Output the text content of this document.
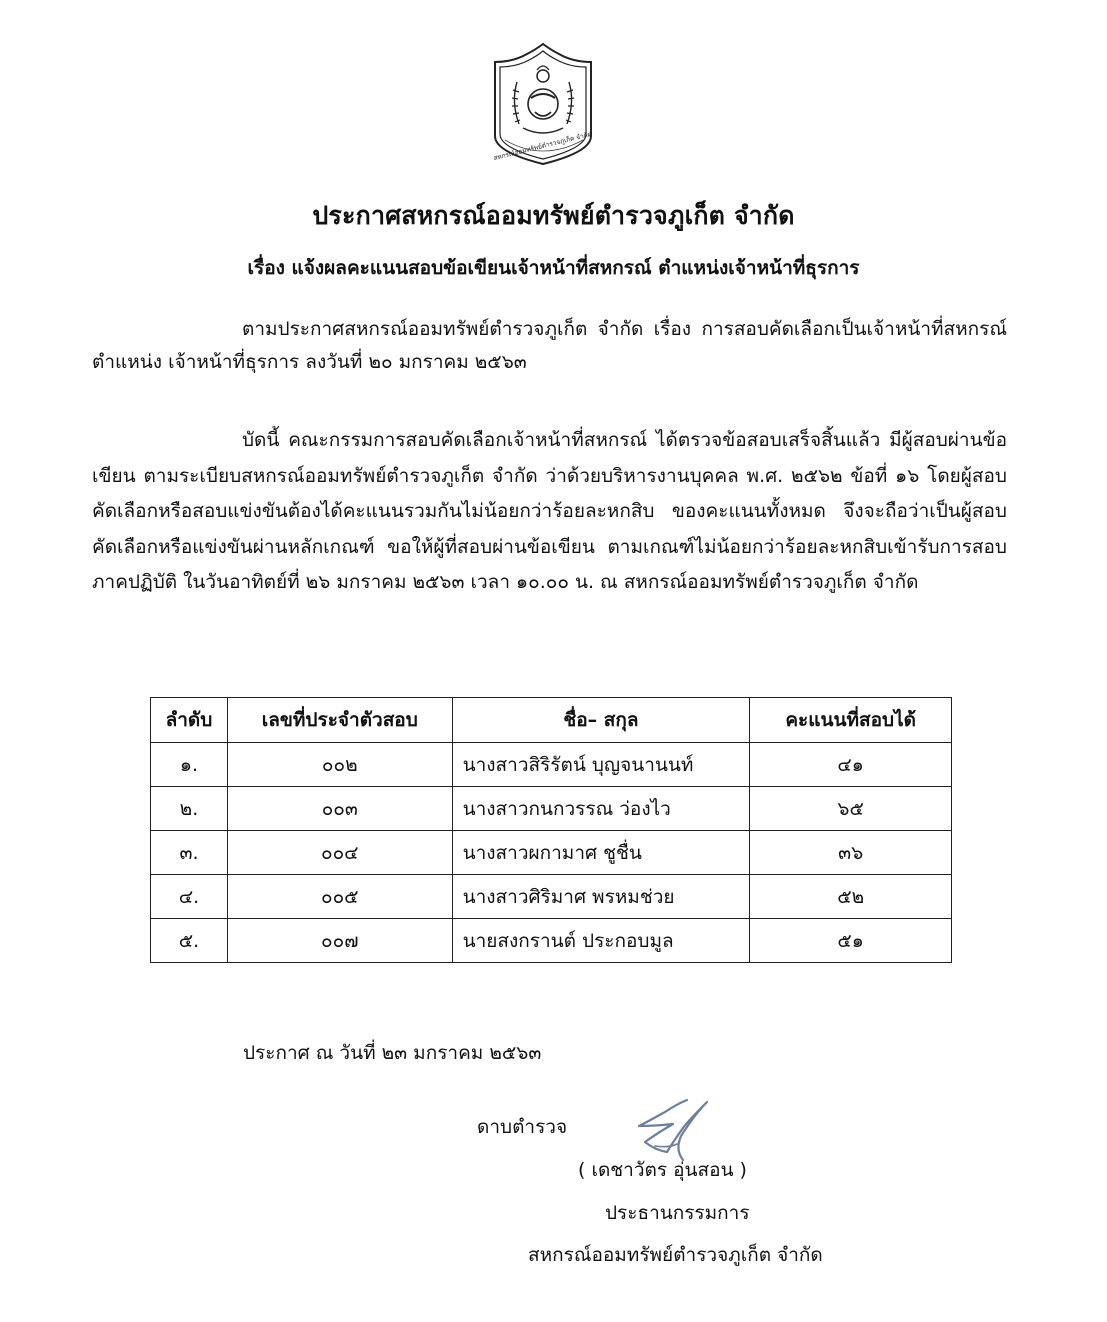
สหกรณ์ออมทรัพย์ตำรวจภูเก็ต จำกัด
ประกาศสหกรณ์ออมทรัพย์ตำรวจภูเก็ต จำกัด
เรื่อง แจ้งผลคะแนนสอบข้อเขียนเจ้าหน้าที่สหกรณ์ ตำแหน่งเจ้าหน้าที่ธุรการ

ตามประกาศสหกรณ์ออมทรัพย์ตำรวจภูเก็ต จำกัด เรื่อง การสอบคัดเลือกเป็นเจ้าหน้าที่สหกรณ์ ตำแหน่ง เจ้าหน้าที่ธุรการ ลงวันที่ ๒๐ มกราคม ๒๕๖๓

บัดนี้ คณะกรรมการสอบคัดเลือกเจ้าหน้าที่สหกรณ์ ได้ตรวจข้อสอบเสร็จสิ้นแล้ว มีผู้สอบผ่านข้อเขียน ตามระเบียบสหกรณ์ออมทรัพย์ตำรวจภูเก็ต จำกัด ว่าด้วยบริหารงานบุคคล พ.ศ. ๒๕๖๒ ข้อที่ ๑๖ โดยผู้สอบคัดเลือกหรือสอบแข่งขันต้องได้คะแนนรวมกันไม่น้อยกว่าร้อยละหกสิบ ของคะแนนทั้งหมด จึงจะถือว่าเป็นผู้สอบคัดเลือกหรือแข่งขันผ่านหลักเกณฑ์ ขอให้ผู้ที่สอบผ่านข้อเขียน ตามเกณฑ์ไม่น้อยกว่าร้อยละหกสิบเข้ารับการสอบภาคปฏิบัติ ในวันอาทิตย์ที่ ๒๖ มกราคม ๒๕๖๓ เวลา ๑๐.๐๐ น. ณ สหกรณ์ออมทรัพย์ตำรวจภูเก็ต จำกัด

ลำดับ	เลขที่ประจำตัวสอบ	ชื่อ– สกุล	คะแนนที่สอบได้
๑.	๐๐๒	นางสาวสิริรัตน์ บุญจนานนท์	๔๑
๒.	๐๐๓	นางสาวกนกวรรณ ว่องไว	๖๕
๓.	๐๐๔	นางสาวผกามาศ ชูชื่น	๓๖
๔.	๐๐๕	นางสาวศิริมาศ พรหมช่วย	๕๒
๕.	๐๐๗	นายสงกรานต์ ประกอบมูล	๕๑
ประกาศ ณ วันที่ ๒๓ มกราคม ๒๕๖๓
ดาบตำรวจ
( เดชาวัตร อุ่นสอน )
ประธานกรรมการ
สหกรณ์ออมทรัพย์ตำรวจภูเก็ต จำกัด
